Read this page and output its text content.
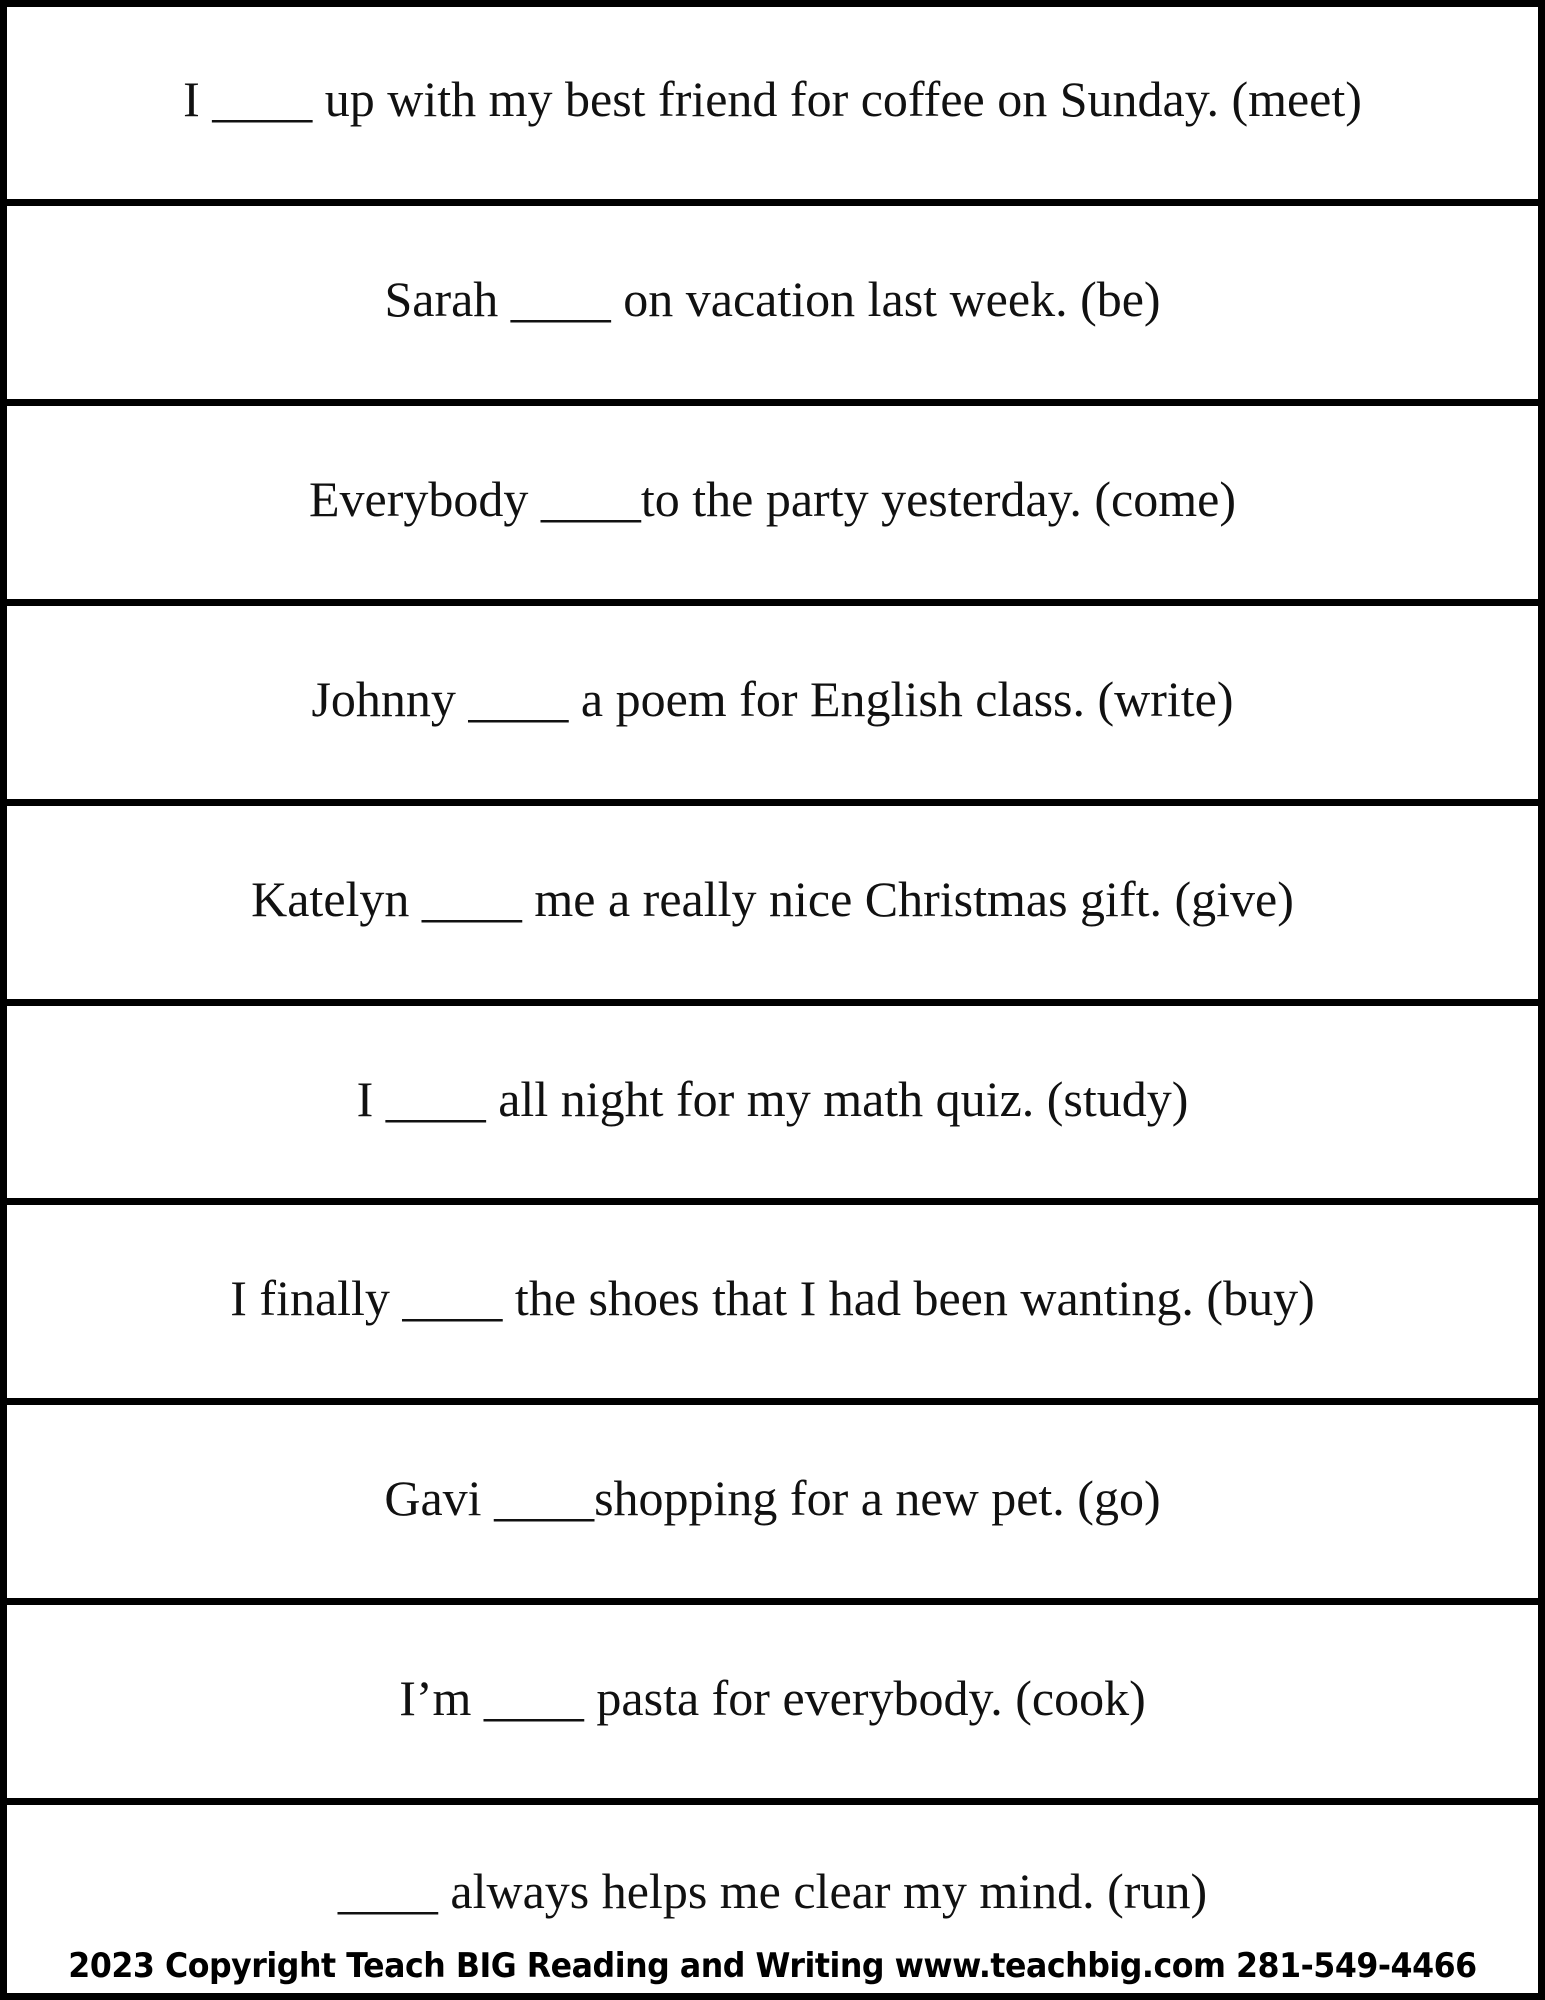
I ____ up with my best friend for coffee on Sunday. (meet)
Sarah ____ on vacation last week. (be)
Everybody ____to the party yesterday. (come)
Johnny ____ a poem for English class. (write)
Katelyn ____ me a really nice Christmas gift. (give)
I ____ all night for my math quiz. (study)
I finally ____ the shoes that I had been wanting. (buy)
Gavi ____shopping for a new pet. (go)
I’m ____ pasta for everybody. (cook)
____ always helps me clear my mind. (run)
2023 Copyright Teach BIG Reading and Writing www.teachbig.com 281-549-4466
